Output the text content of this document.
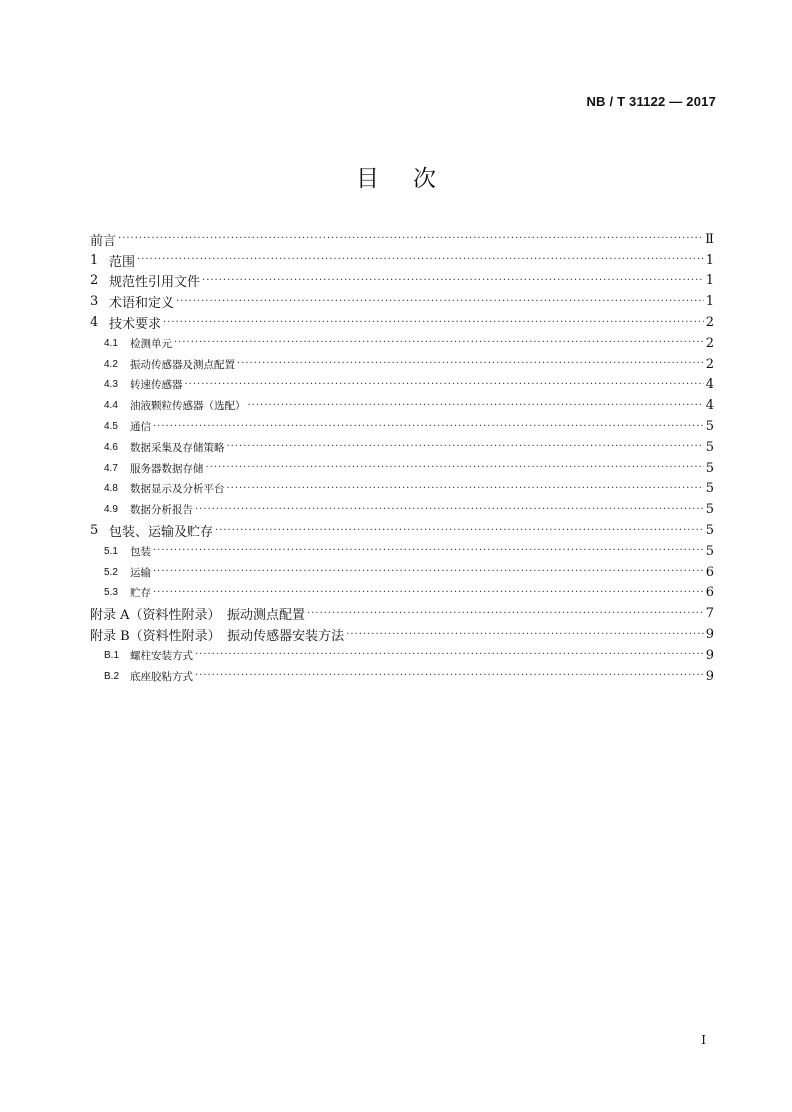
NB / T 31122 — 2017
目次
前言 ·····	Ⅱ
1 范围 ·····	1
2 规范性引用文件 ·····	1
3 术语和定义 ·····	1
4 技术要求 ·····	2
4.1	检测单元 ·····	2
4.2	振动传感器及测点配置 ·····	2
4.3	转速传感器 ·····	4
4.4	油液颗粒传感器（选配） ·····	4
4.5	通信 ·····	5
4.6	数据采集及存储策略 ·····	5
4.7	服务器数据存储 ·····	5
4.8	数据显示及分析平台 ·····	5
4.9	数据分析报告 ·····	5
5 包装、运输及贮存 ·····	5
5.1	包装 ·····	5
5.2	运输 ·····	6
5.3	贮存 ·····	6
附录 A（资料性附录）　振动测点配置 ·····	7
附录 B（资料性附录）　振动传感器安装方法 ·····	9
B.1	螺柱安装方式 ·····	9
B.2	底座胶粘方式 ·····	9
I
